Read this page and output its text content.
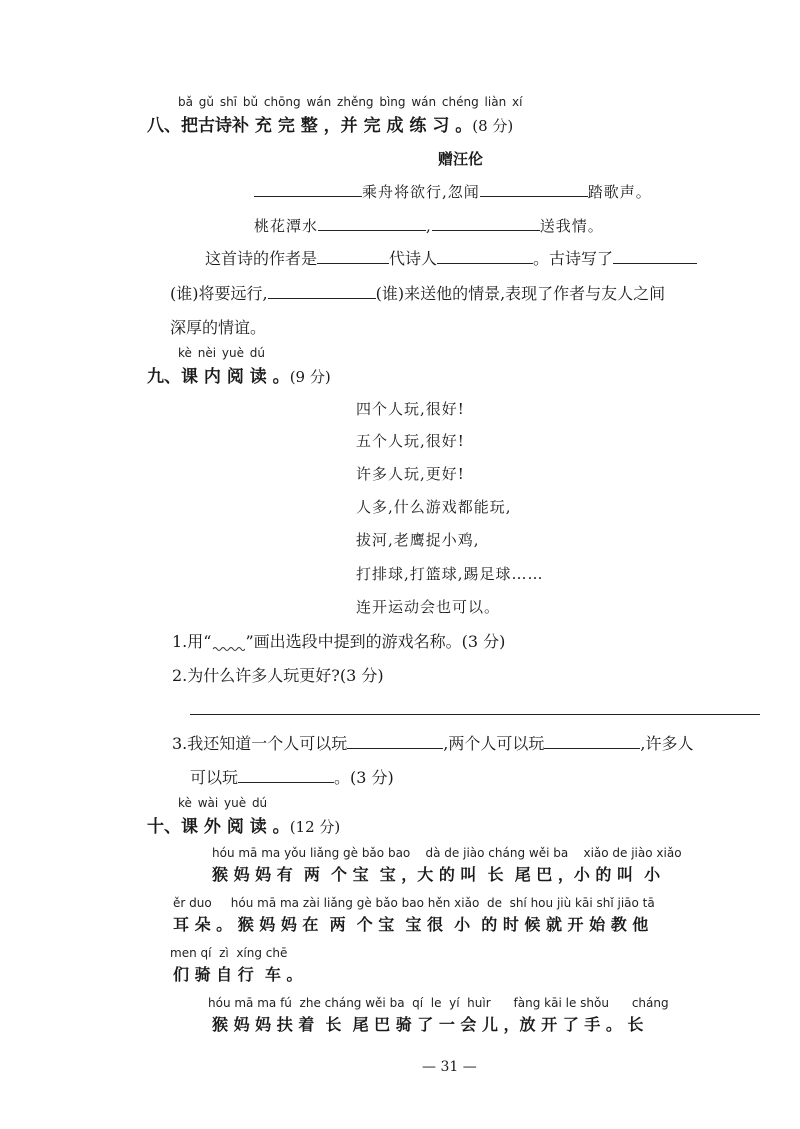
bǎ gǔ shī bǔ chōng wán zhěng bìng wán chéng liàn xí
八、把古诗补 充 完 整 ，并 完 成 练 习 。(8 分)
赠汪伦
乘舟将欲行,忽闻	踏歌声。
桃花潭水	,	送我情。
这首诗的作者是	代诗人	。古诗写了
(谁)将要远行,	(谁)来送他的情景,表现了作者与友人之间
深厚的情谊。
kè nèi yuè dú
九、课 内 阅 读 。(9 分)
四个人玩,很好!
五个人玩,很好!
许多人玩,更好!
人多,什么游戏都能玩,
拔河,老鹰捉小鸡,
打排球,打篮球,踢足球……
连开运动会也可以。
1.用“ ”画出选段中提到的游戏名称。(3 分)
2.为什么许多人玩更好?(3 分)
3.我还知道一个人可以玩	,两个人可以玩	,许多人
可以玩	。(3 分)
kè wài yuè dú
十、课 外 阅 读 。(12 分)
hóu mā ma yǒu liǎng gè bǎo bao    dà de jiào cháng wěi ba    xiǎo de jiào xiǎo
猴 妈 妈 有  两  个 宝  宝 ，大 的 叫  长  尾 巴 ，小 的 叫  小
ěr duo     hóu mā ma zài liǎng gè bǎo bao hěn xiǎo  de  shí hou jiù kāi shǐ jiāo tā
耳 朵 。 猴 妈 妈 在  两  个 宝  宝 很  小  的 时 候 就 开 始 教 他
men qí  zì  xíng chē
们 骑 自 行  车 。
hóu mā ma fú  zhe cháng wěi ba  qí  le  yí  huìr      fàng kāi le shǒu      cháng
猴 妈 妈 扶 着  长  尾 巴 骑 了 一 会 儿 ，放 开 了 手 。 长
— 31 —
